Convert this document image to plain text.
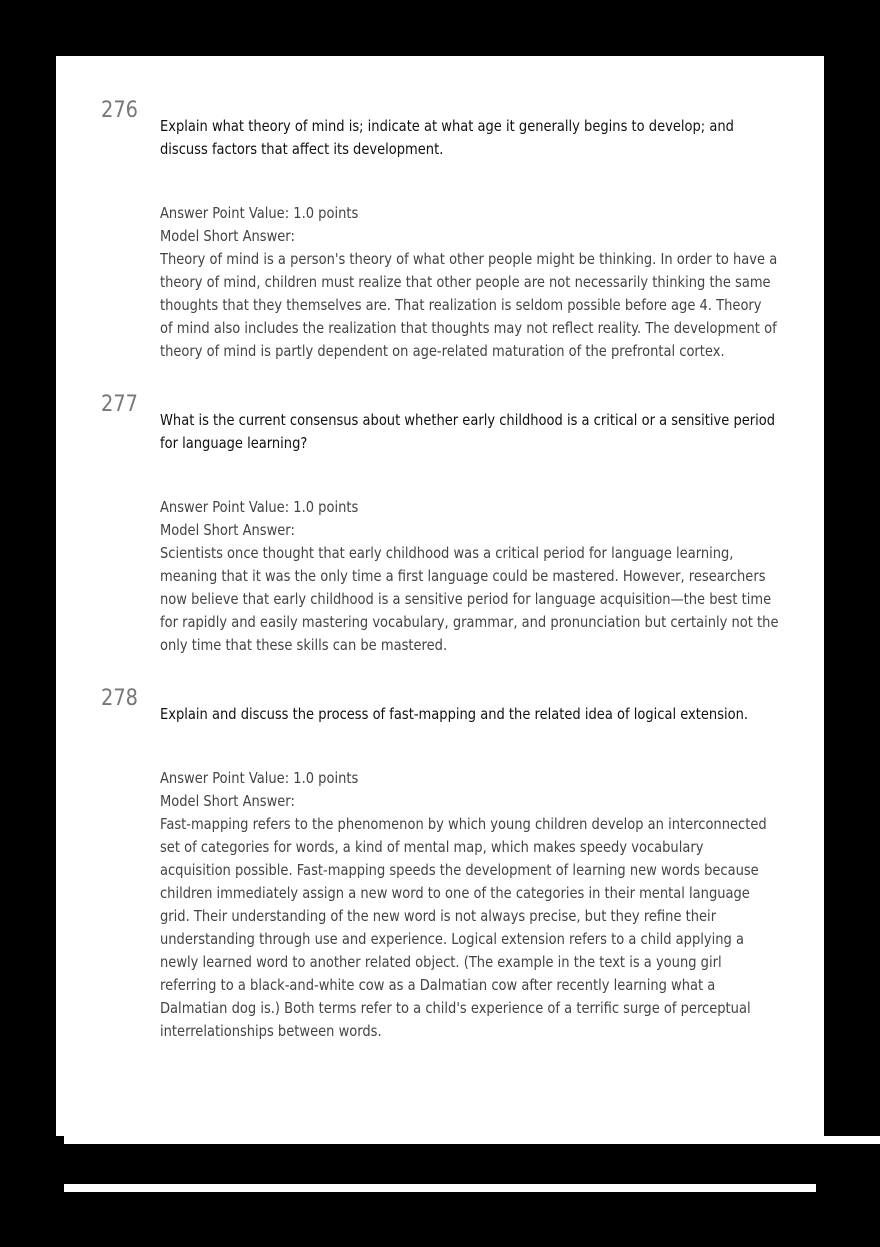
276
Explain what theory of mind is; indicate at what age it generally begins to develop; and
discuss factors that affect its development.
Answer Point Value: 1.0 points
Model Short Answer:
Theory of mind is a person's theory of what other people might be thinking. In order to have a
theory of mind, children must realize that other people are not necessarily thinking the same
thoughts that they themselves are. That realization is seldom possible before age 4. Theory
of mind also includes the realization that thoughts may not reflect reality. The development of
theory of mind is partly dependent on age-related maturation of the prefrontal cortex.
277
What is the current consensus about whether early childhood is a critical or a sensitive period
for language learning?
Answer Point Value: 1.0 points
Model Short Answer:
Scientists once thought that early childhood was a critical period for language learning,
meaning that it was the only time a first language could be mastered. However, researchers
now believe that early childhood is a sensitive period for language acquisition—the best time
for rapidly and easily mastering vocabulary, grammar, and pronunciation but certainly not the
only time that these skills can be mastered.
278
Explain and discuss the process of fast-mapping and the related idea of logical extension.
Answer Point Value: 1.0 points
Model Short Answer:
Fast-mapping refers to the phenomenon by which young children develop an interconnected
set of categories for words, a kind of mental map, which makes speedy vocabulary
acquisition possible. Fast-mapping speeds the development of learning new words because
children immediately assign a new word to one of the categories in their mental language
grid. Their understanding of the new word is not always precise, but they refine their
understanding through use and experience. Logical extension refers to a child applying a
newly learned word to another related object. (The example in the text is a young girl
referring to a black-and-white cow as a Dalmatian cow after recently learning what a
Dalmatian dog is.) Both terms refer to a child's experience of a terrific surge of perceptual
interrelationships between words.
